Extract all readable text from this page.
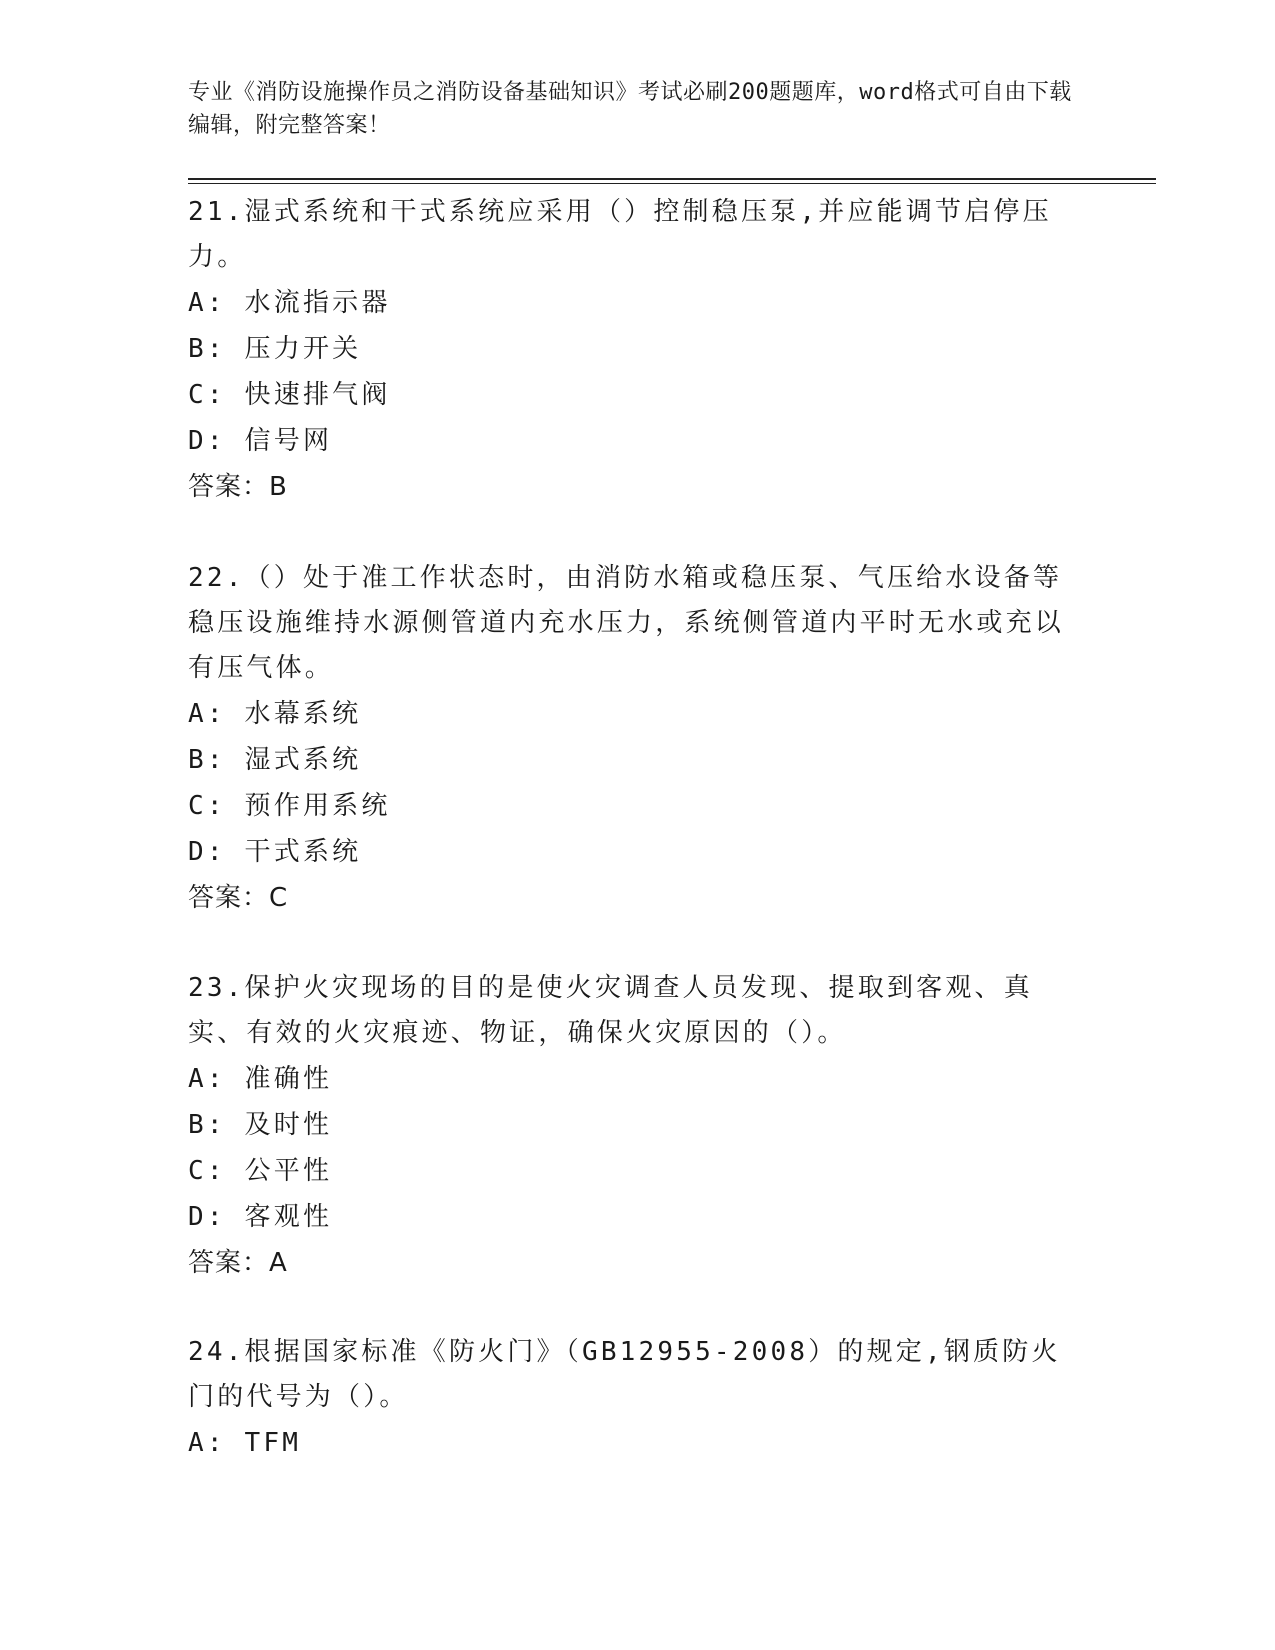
专业《消防设施操作员之消防设备基础知识》考试必刷200题题库，word格式可自由下载编辑，附完整答案！
21.湿式系统和干式系统应采用（）控制稳压泵,并应能调节启停压力。
A: 水流指示器
B: 压力开关
C: 快速排气阀
D: 信号网
答案：B
22.（）处于准工作状态时，由消防水箱或稳压泵、气压给水设备等稳压设施维持水源侧管道内充水压力，系统侧管道内平时无水或充以有压气体。
A: 水幕系统
B: 湿式系统
C: 预作用系统
D: 干式系统
答案：C
23.保护火灾现场的目的是使火灾调查人员发现、提取到客观、真实、有效的火灾痕迹、物证，确保火灾原因的（）。
A: 准确性
B: 及时性
C: 公平性
D: 客观性
答案：A
24.根据国家标准《防火门》（GB12955-2008）的规定,钢质防火门的代号为（）。
A: TFM
